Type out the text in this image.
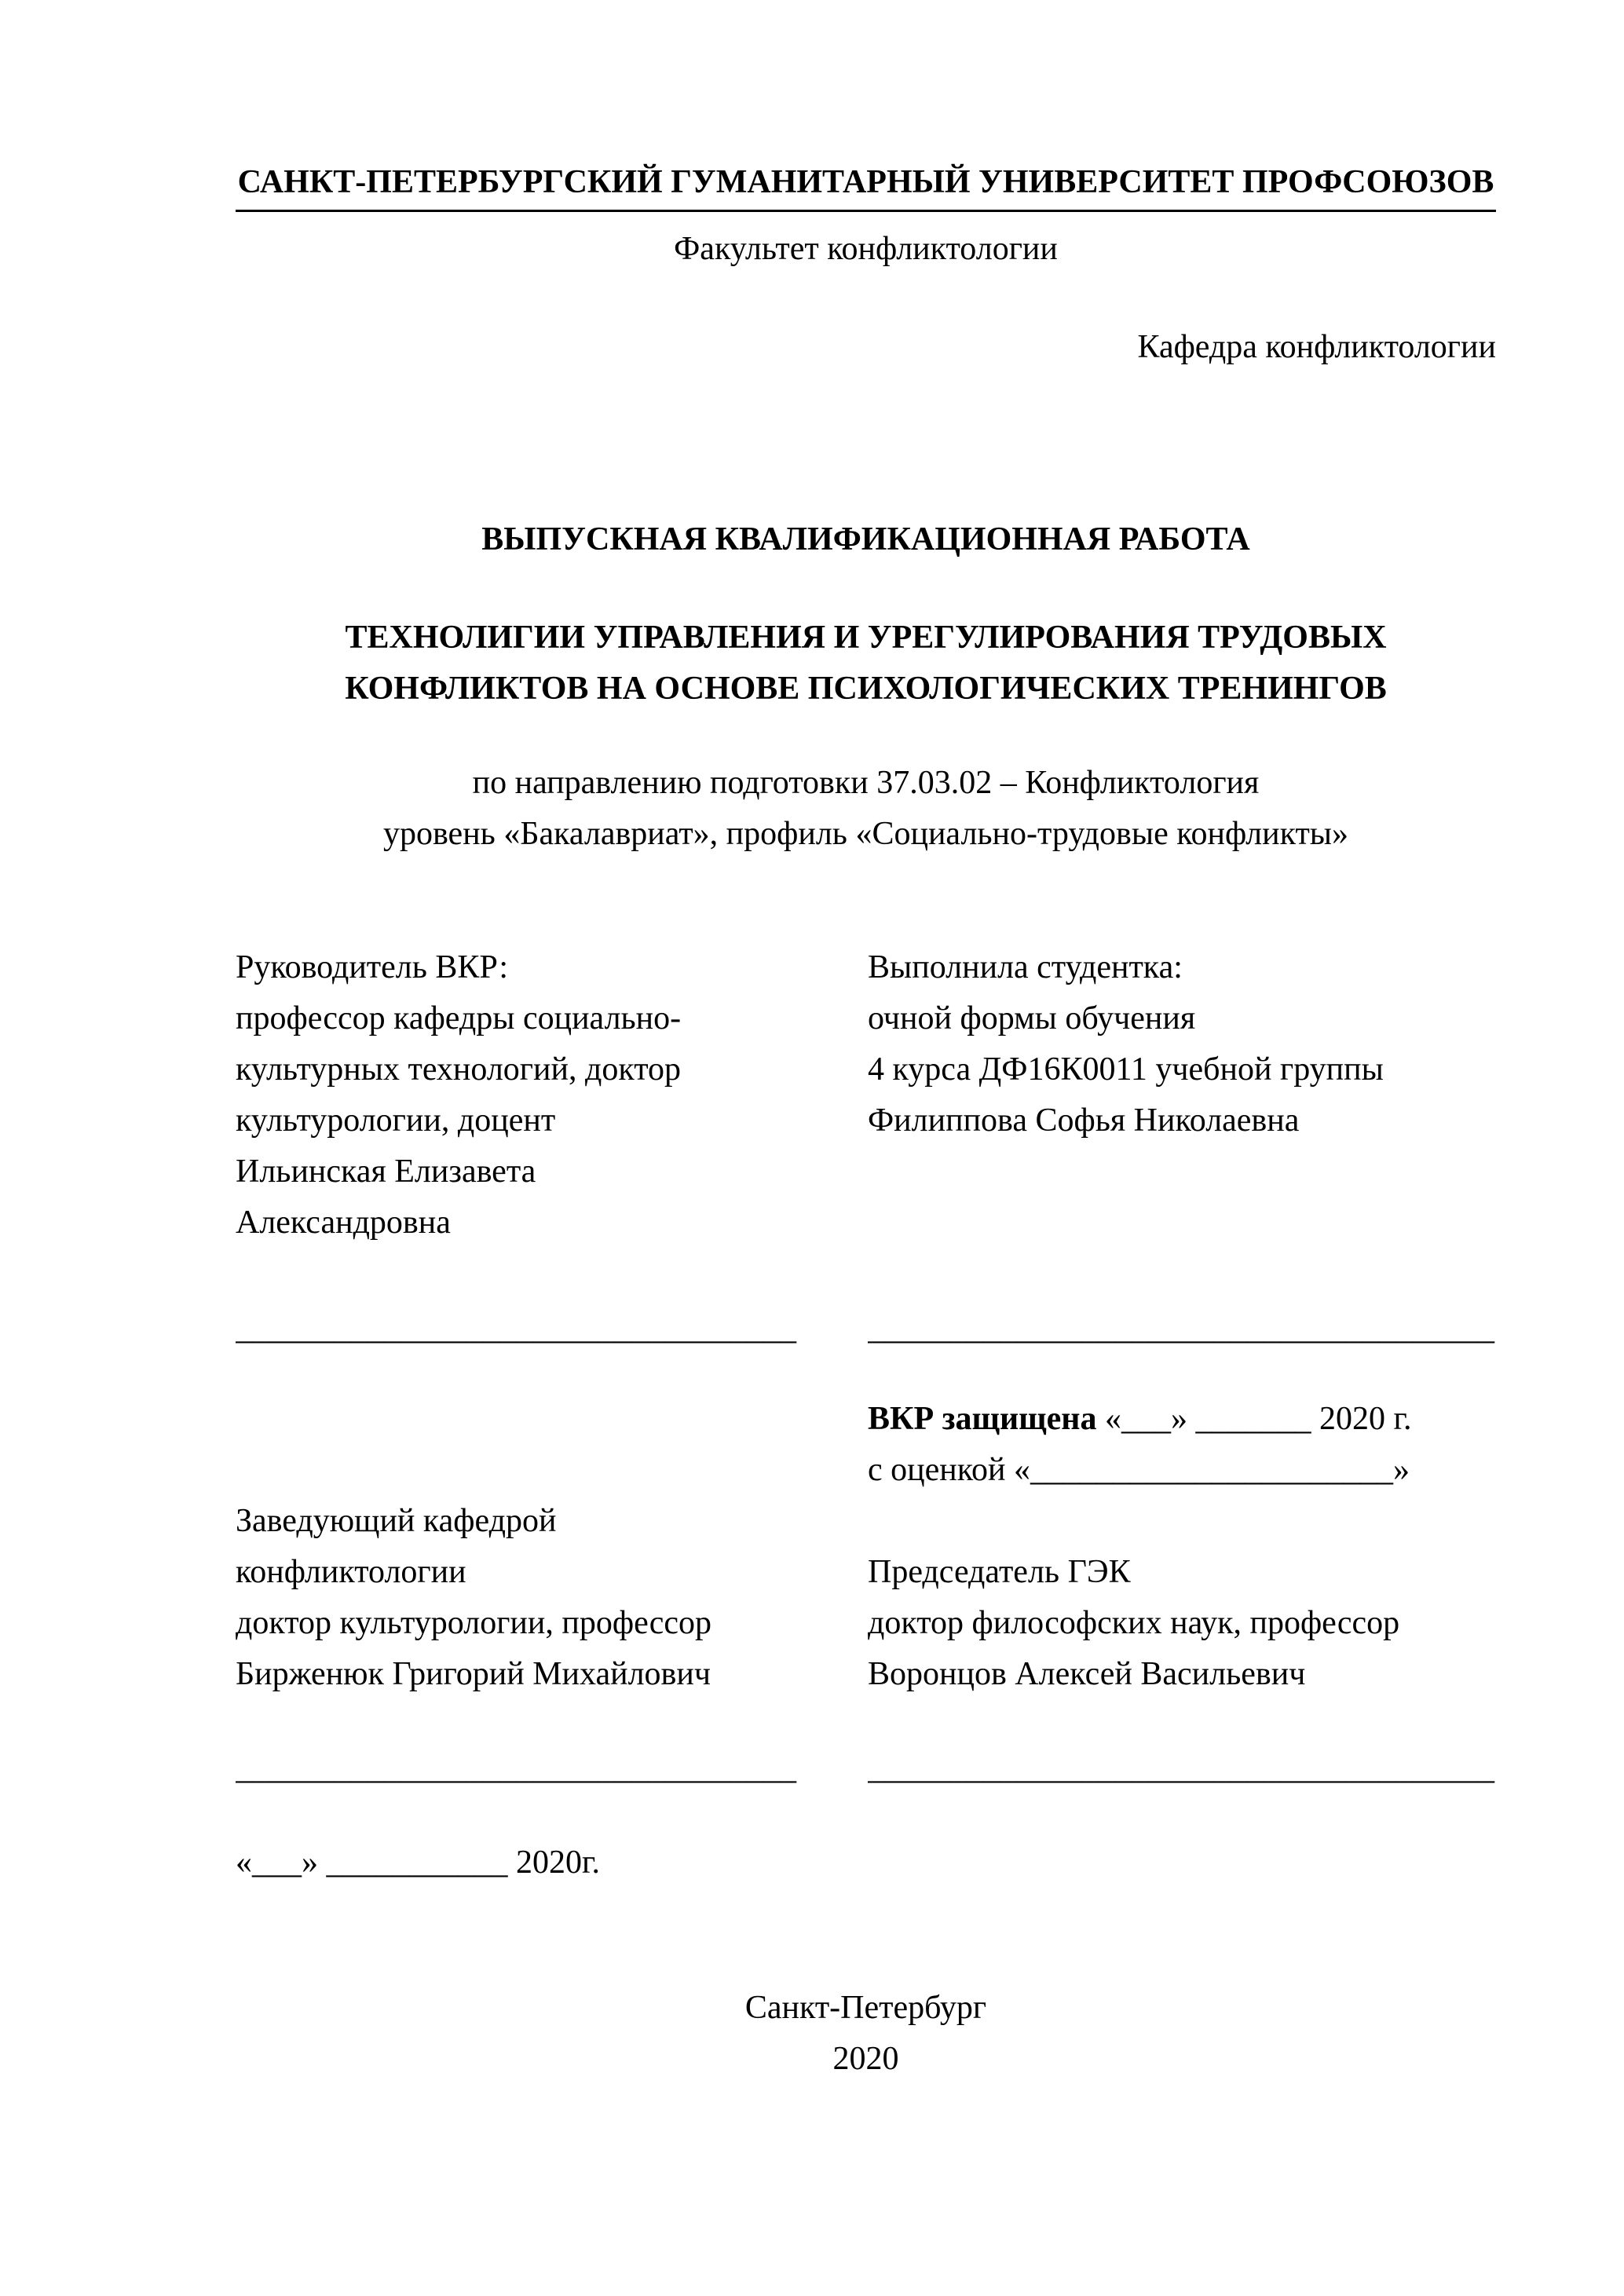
САНКТ-ПЕТЕРБУРГСКИЙ ГУМАНИТАРНЫЙ УНИВЕРСИТЕТ ПРОФСОЮЗОВ
Факультет конфликтологии
Кафедра конфликтологии
ВЫПУСКНАЯ КВАЛИФИКАЦИОННАЯ РАБОТА
ТЕХНОЛИГИИ УПРАВЛЕНИЯ И УРЕГУЛИРОВАНИЯ ТРУДОВЫХ
КОНФЛИКТОВ НА ОСНОВЕ ПСИХОЛОГИЧЕСКИХ ТРЕНИНГОВ
по направлению подготовки 37.03.02 – Конфликтология
уровень «Бакалавриат», профиль «Социально-трудовые конфликты»
Руководитель ВКР:
профессор кафедры социально-
культурных технологий, доктор
культурологии, доцент
Ильинская Елизавета
Александровна
Выполнила студентка:
очной формы обучения
4 курса ДФ16К0011 учебной группы
Филиппова Софья Николаевна
__________________________________	______________________________________
ВКР защищена «___» _______ 2020 г.
с оценкой «______________________»
Заведующий кафедрой
конфликтологии
доктор культурологии, профессор
Бирженюк Григорий Михайлович
Председатель ГЭК
доктор философских наук, профессор
Воронцов Алексей Васильевич
__________________________________	______________________________________
«___» ___________ 2020г.
Санкт-Петербург
2020
